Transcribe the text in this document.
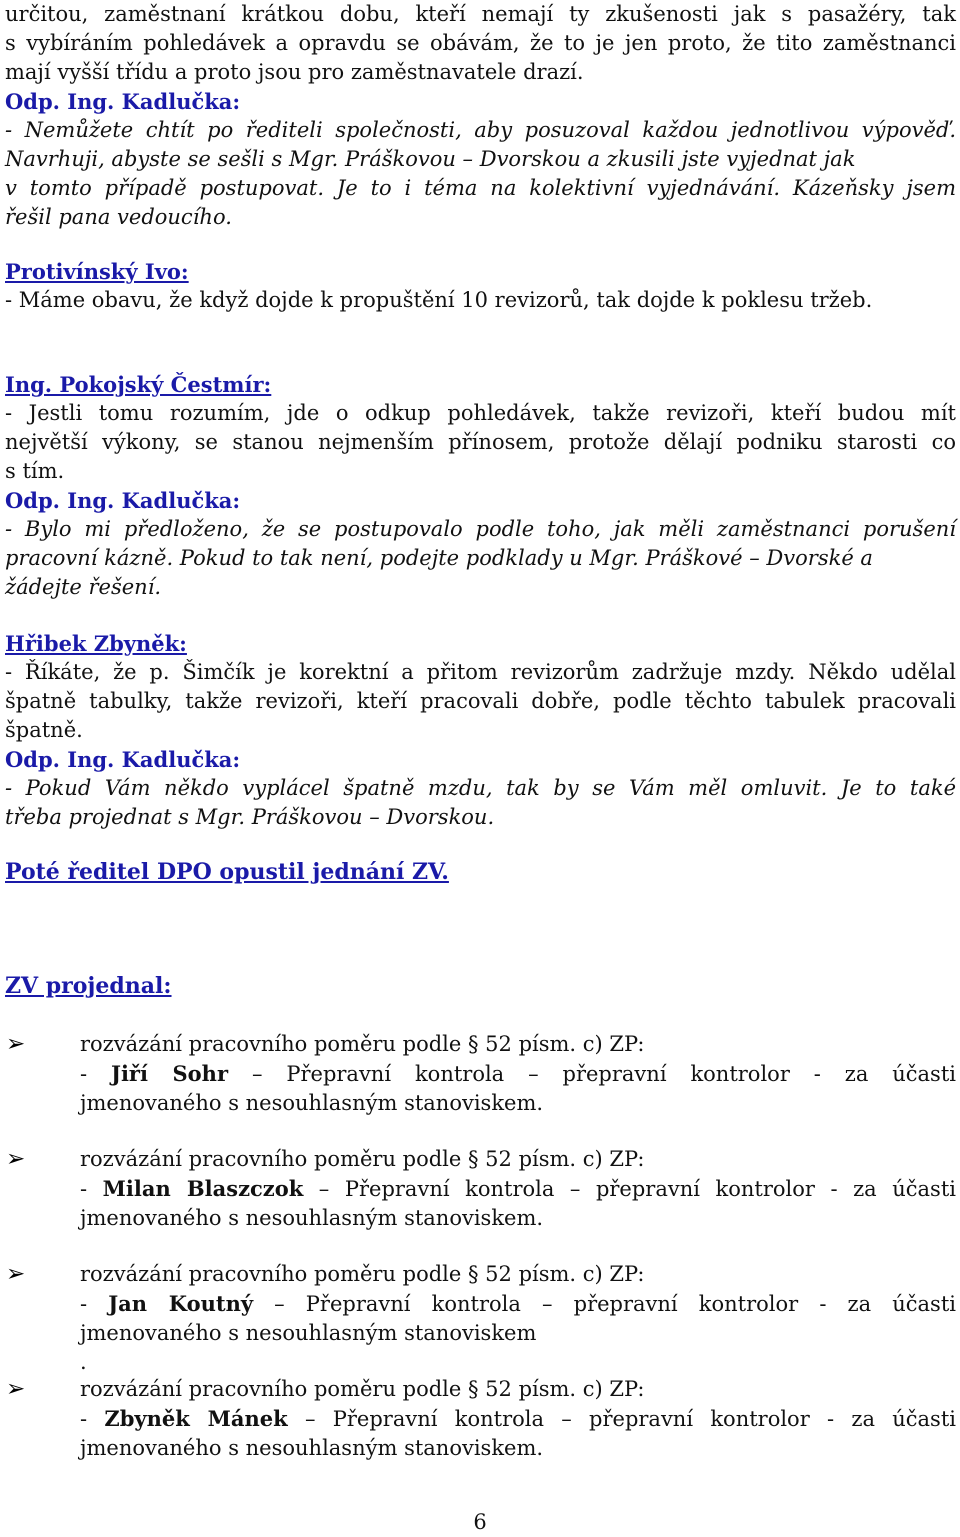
určitou, zaměstnaní krátkou dobu, kteří nemají ty zkušenosti jak s pasažéry, tak
s vybíráním pohledávek a opravdu se obávám, že to je jen proto, že tito zaměstnanci
mají vyšší třídu a proto jsou pro zaměstnavatele drazí.
Odp. Ing. Kadlučka:
- Nemůžete chtít po řediteli společnosti, aby posuzoval každou jednotlivou výpověď.
Navrhuji, abyste se sešli s Mgr. Práškovou – Dvorskou a zkusili jste vyjednat jak
v tomto případě postupovat. Je to i téma na kolektivní vyjednávání. Kázeňsky jsem
řešil pana vedoucího.
Protivínský Ivo:
- Máme obavu, že když dojde k propuštění 10 revizorů, tak dojde k poklesu tržeb.
Ing. Pokojský Čestmír:
- Jestli tomu rozumím, jde o odkup pohledávek, takže revizoři, kteří budou mít
největší výkony, se stanou nejmenším přínosem, protože dělají podniku starosti co
s tím.
Odp. Ing. Kadlučka:
- Bylo mi předloženo, že se postupovalo podle toho, jak měli zaměstnanci porušení
pracovní kázně. Pokud to tak není, podejte podklady u Mgr. Práškové – Dvorské a
žádejte řešení.
Hřibek Zbyněk:
- Říkáte, že p. Šimčík je korektní a přitom revizorům zadržuje mzdy. Někdo udělal
špatně tabulky, takže revizoři, kteří pracovali dobře, podle těchto tabulek pracovali
špatně.
Odp. Ing. Kadlučka:
- Pokud Vám někdo vyplácel špatně mzdu, tak by se Vám měl omluvit. Je to také
třeba projednat s Mgr. Práškovou – Dvorskou.
Poté ředitel DPO opustil jednání ZV.
ZV projednal:
➢	rozvázání pracovního poměru podle § 52 písm. c) ZP:
- Jiří Sohr – Přepravní kontrola – přepravní kontrolor - za účasti
jmenovaného s nesouhlasným stanoviskem.
➢	rozvázání pracovního poměru podle § 52 písm. c) ZP:
- Milan Blaszczok – Přepravní kontrola – přepravní kontrolor - za účasti
jmenovaného s nesouhlasným stanoviskem.
➢	rozvázání pracovního poměru podle § 52 písm. c) ZP:
- Jan Koutný – Přepravní kontrola – přepravní kontrolor - za účasti
jmenovaného s nesouhlasným stanoviskem
.
➢	rozvázání pracovního poměru podle § 52 písm. c) ZP:
- Zbyněk Mánek – Přepravní kontrola – přepravní kontrolor - za účasti
jmenovaného s nesouhlasným stanoviskem.
6
